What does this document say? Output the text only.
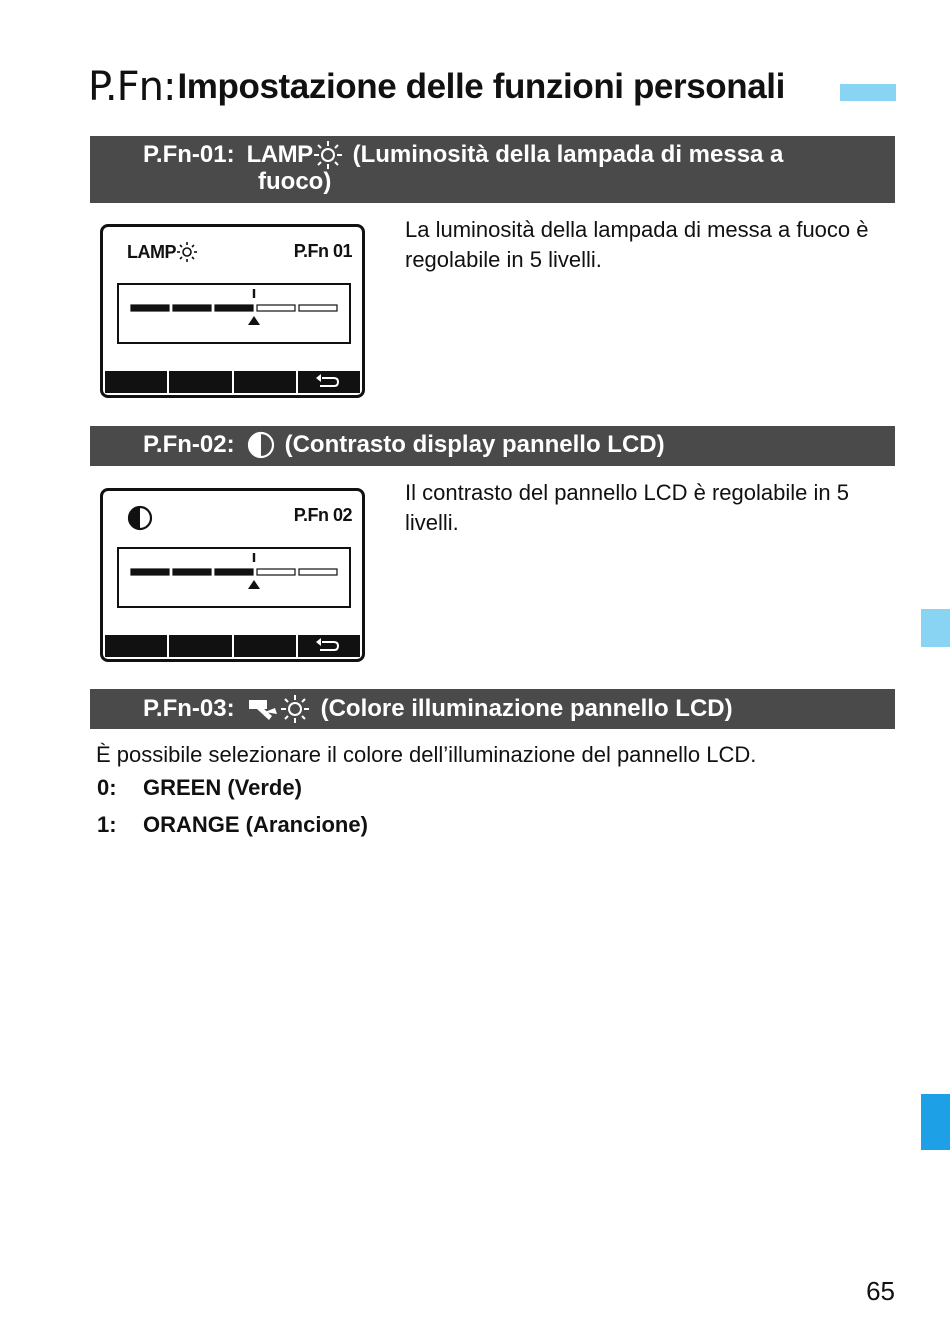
P.Fn: Impostazione delle funzioni personali
P.Fn-01: LAMP (Luminosità della lampada di messa a
fuoco)
LAMP	P.Fn 01

La luminosità della lampada di messa a fuoco è regolabile in 5 livelli.

P.Fn-02: (Contrasto display pannello LCD)
P.Fn 02

Il contrasto del pannello LCD è regolabile in 5 livelli.

P.Fn-03:	(Colore illuminazione pannello LCD)

È possibile selezionare il colore dell’illuminazione del pannello LCD.

0:	GREEN (Verde)
1:	ORANGE (Arancione)
65
